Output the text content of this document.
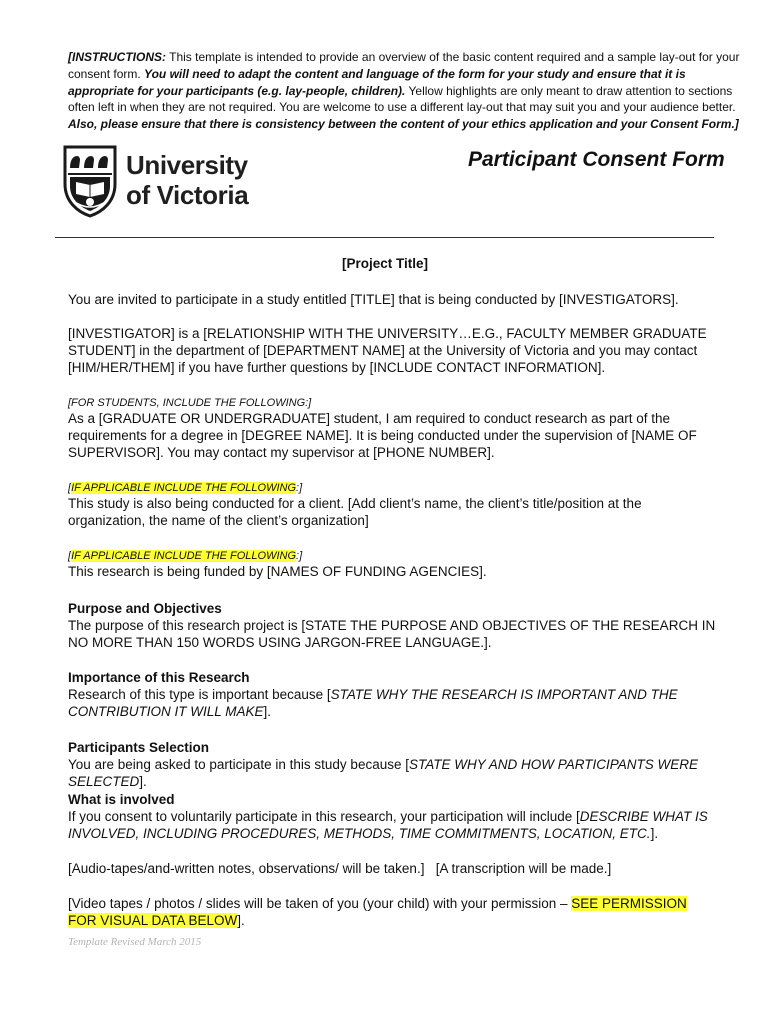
[INSTRUCTIONS: This template is intended to provide an overview of the basic content required and a sample lay-out for your consent form. You will need to adapt the content and language of the form for your study and ensure that it is appropriate for your participants (e.g. lay-people, children). Yellow highlights are only meant to draw attention to sections often left in when they are not required. You are welcome to use a different lay-out that may suit you and your audience better. Also, please ensure that there is consistency between the content of your ethics application and your Consent Form.]

University
of Victoria
Participant Consent Form
[Project Title]

You are invited to participate in a study entitled [TITLE] that is being conducted by [INVESTIGATORS].

[INVESTIGATOR] is a [RELATIONSHIP WITH THE UNIVERSITY…E.G., FACULTY MEMBER GRADUATE STUDENT] in the department of [DEPARTMENT NAME] at the University of Victoria and you may contact [HIM/HER/THEM] if you have further questions by [INCLUDE CONTACT INFORMATION].

[FOR STUDENTS, INCLUDE THE FOLLOWING:]

As a [GRADUATE OR UNDERGRADUATE] student, I am required to conduct research as part of the requirements for a degree in [DEGREE NAME]. It is being conducted under the supervision of [NAME OF SUPERVISOR]. You may contact my supervisor at [PHONE NUMBER].

[IF APPLICABLE INCLUDE THE FOLLOWING:]

This study is also being conducted for a client. [Add client’s name, the client’s title/position at the organization, the name of the client’s organization]

[IF APPLICABLE INCLUDE THE FOLLOWING:]

This research is being funded by [NAMES OF FUNDING AGENCIES].

Purpose and Objectives

The purpose of this research project is [STATE THE PURPOSE AND OBJECTIVES OF THE RESEARCH IN NO MORE THAN 150 WORDS USING JARGON-FREE LANGUAGE.].

Importance of this Research

Research of this type is important because [STATE WHY THE RESEARCH IS IMPORTANT AND THE CONTRIBUTION IT WILL MAKE].

Participants Selection

You are being asked to participate in this study because [STATE WHY AND HOW PARTICIPANTS WERE SELECTED].

What is involved

If you consent to voluntarily participate in this research, your participation will include [DESCRIBE WHAT IS INVOLVED, INCLUDING PROCEDURES, METHODS, TIME COMMITMENTS, LOCATION, ETC.].

[Audio-tapes/and-written notes, observations/ will be taken.]   [A transcription will be made.]

[Video tapes / photos / slides will be taken of you (your child) with your permission – SEE PERMISSION FOR VISUAL DATA BELOW].

Template Revised March 2015
